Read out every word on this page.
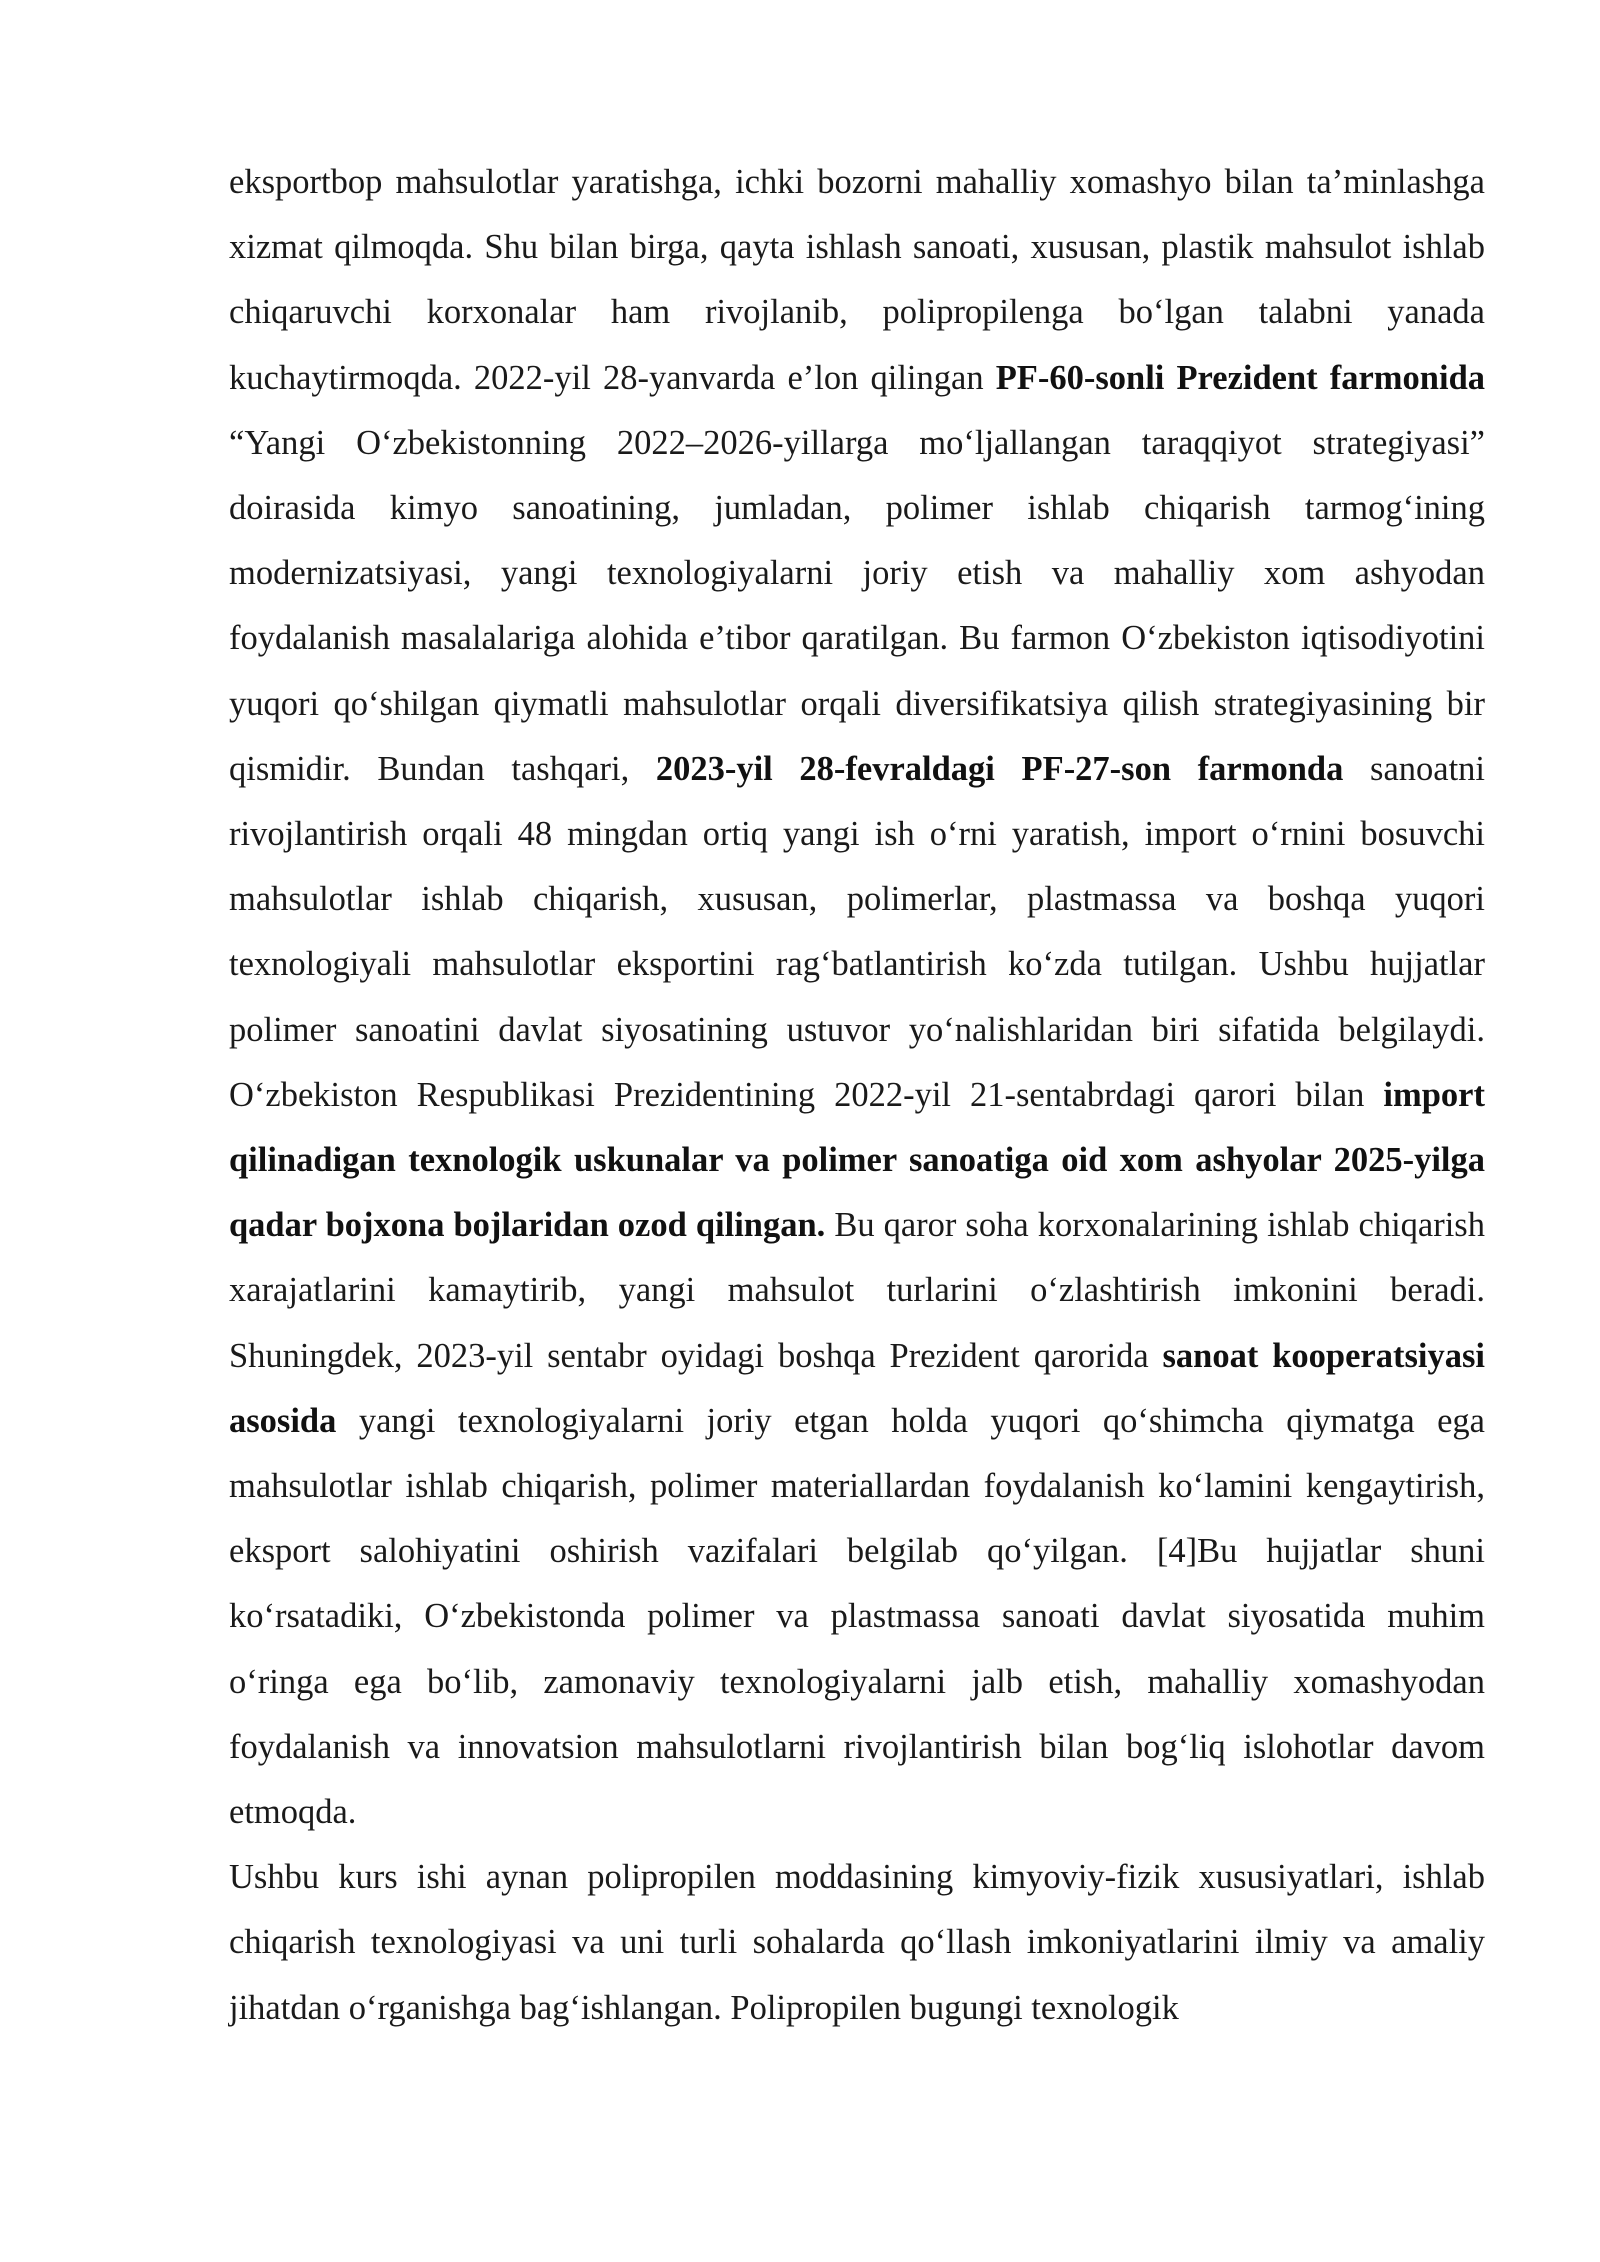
eksportbop mahsulotlar yaratishga, ichki bozorni mahalliy xomashyo bilan ta’minlashga xizmat qilmoqda. Shu bilan birga, qayta ishlash sanoati, xususan, plastik mahsulot ishlab chiqaruvchi korxonalar ham rivojlanib, polipropilenga bo‘lgan talabni yanada kuchaytirmoqda. 2022-yil 28-yanvarda e’lon qilingan PF-60-sonli Prezident farmonida “Yangi O‘zbekistonning 2022–2026-yillarga mo‘ljallangan taraqqiyot strategiyasi” doirasida kimyo sanoatining, jumladan, polimer ishlab chiqarish tarmog‘ining modernizatsiyasi, yangi texnologiyalarni joriy etish va mahalliy xom ashyodan foydalanish masalalariga alohida e’tibor qaratilgan. Bu farmon O‘zbekiston iqtisodiyotini yuqori qo‘shilgan qiymatli mahsulotlar orqali diversifikatsiya qilish strategiyasining bir qismidir. Bundan tashqari, 2023-yil 28-fevraldagi PF-27-son farmonda sanoatni rivojlantirish orqali 48 mingdan ortiq yangi ish o‘rni yaratish, import o‘rnini bosuvchi mahsulotlar ishlab chiqarish, xususan, polimerlar, plastmassa va boshqa yuqori texnologiyali mahsulotlar eksportini rag‘batlantirish ko‘zda tutilgan. Ushbu hujjatlar polimer sanoatini davlat siyosatining ustuvor yo‘nalishlaridan biri sifatida belgilaydi. O‘zbekiston Respublikasi Prezidentining 2022-yil 21-sentabrdagi qarori bilan import qilinadigan texnologik uskunalar va polimer sanoatiga oid xom ashyolar 2025-yilga qadar bojxona bojlaridan ozod qilingan. Bu qaror soha korxonalarining ishlab chiqarish xarajatlarini kamaytirib, yangi mahsulot turlarini o‘zlashtirish imkonini beradi. Shuningdek, 2023-yil sentabr oyidagi boshqa Prezident qarorida sanoat kooperatsiyasi asosida yangi texnologiyalarni joriy etgan holda yuqori qo‘shimcha qiymatga ega mahsulotlar ishlab chiqarish, polimer materiallardan foydalanish ko‘lamini kengaytirish, eksport salohiyatini oshirish vazifalari belgilab qo‘yilgan. [4]Bu hujjatlar shuni ko‘rsatadiki, O‘zbekistonda polimer va plastmassa sanoati davlat siyosatida muhim o‘ringa ega bo‘lib, zamonaviy texnologiyalarni jalb etish, mahalliy xomashyodan foydalanish va innovatsion mahsulotlarni rivojlantirish bilan bog‘liq islohotlar davom etmoqda.

Ushbu kurs ishi aynan polipropilen moddasining kimyoviy-fizik xususiyatlari, ishlab chiqarish texnologiyasi va uni turli sohalarda qo‘llash imkoniyatlarini ilmiy va amaliy jihatdan o‘rganishga bag‘ishlangan. Polipropilen bugungi texnologik
